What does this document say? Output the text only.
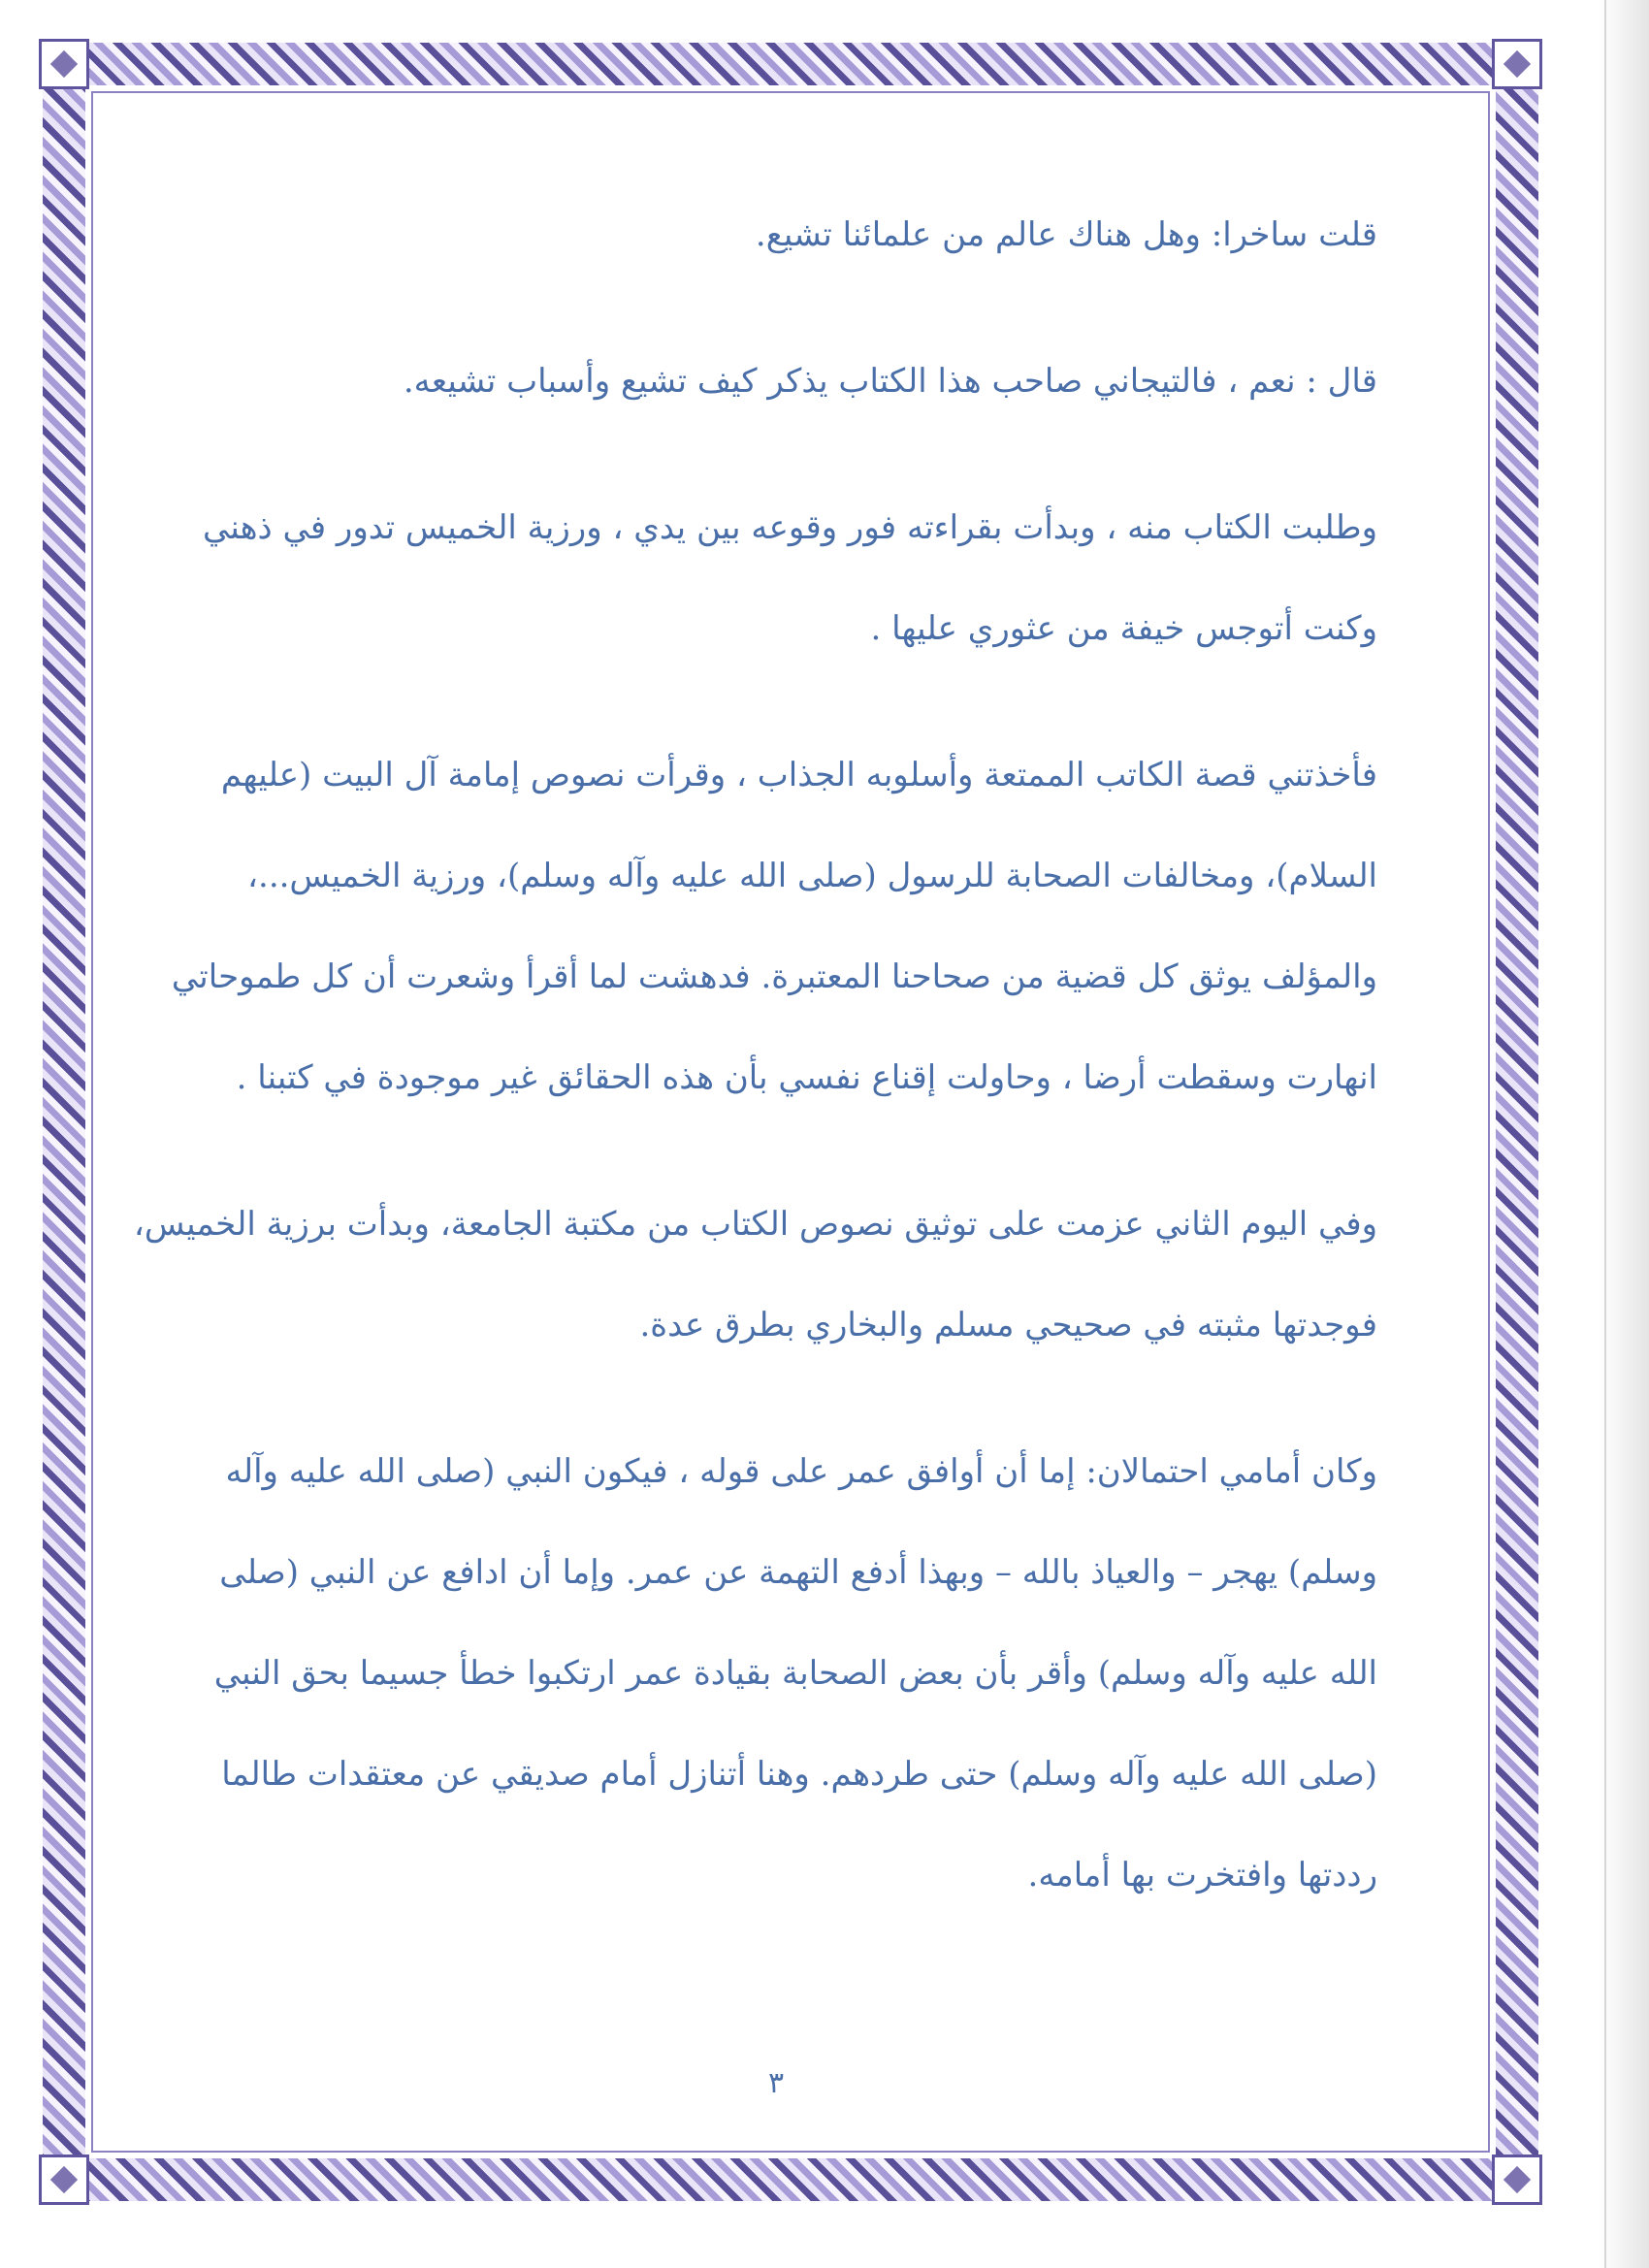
قلت ساخرا: وهل هناك عالم من علمائنا تشيع.

قال : نعم ، فالتيجاني صاحب هذا الكتاب يذكر كيف تشيع وأسباب تشيعه.

وطلبت الكتاب منه ، وبدأت بقراءته فور وقوعه بين يدي ، ورزية الخميس تدور في ذهني
وكنت أتوجس خيفة من عثوري عليها .

فأخذتني قصة الكاتب الممتعة وأسلوبه الجذاب ، وقرأت نصوص إمامة آل البيت (عليهم
السلام)، ومخالفات الصحابة للرسول (صلى الله عليه وآله وسلم)، ورزية الخميس...،
والمؤلف يوثق كل قضية من صحاحنا المعتبرة. فدهشت لما أقرأ وشعرت أن كل طموحاتي
انهارت وسقطت أرضا ، وحاولت إقناع نفسي بأن هذه الحقائق غير موجودة في كتبنا .

وفي اليوم الثاني عزمت على توثيق نصوص الكتاب من مكتبة الجامعة، وبدأت برزية الخميس،
فوجدتها مثبته في صحيحي مسلم والبخاري بطرق عدة.

وكان أمامي احتمالان: إما أن أوافق عمر على قوله ، فيكون النبي (صلى الله عليه وآله
وسلم) يهجر – والعياذ بالله – وبهذا أدفع التهمة عن عمر. وإما أن ادافع عن النبي (صلى
الله عليه وآله وسلم) وأقر بأن بعض الصحابة بقيادة عمر ارتكبوا خطأ جسيما بحق النبي
(صلى الله عليه وآله وسلم) حتى طردهم. وهنا أتنازل أمام صديقي عن معتقدات طالما
رددتها وافتخرت بها أمامه.

٣
